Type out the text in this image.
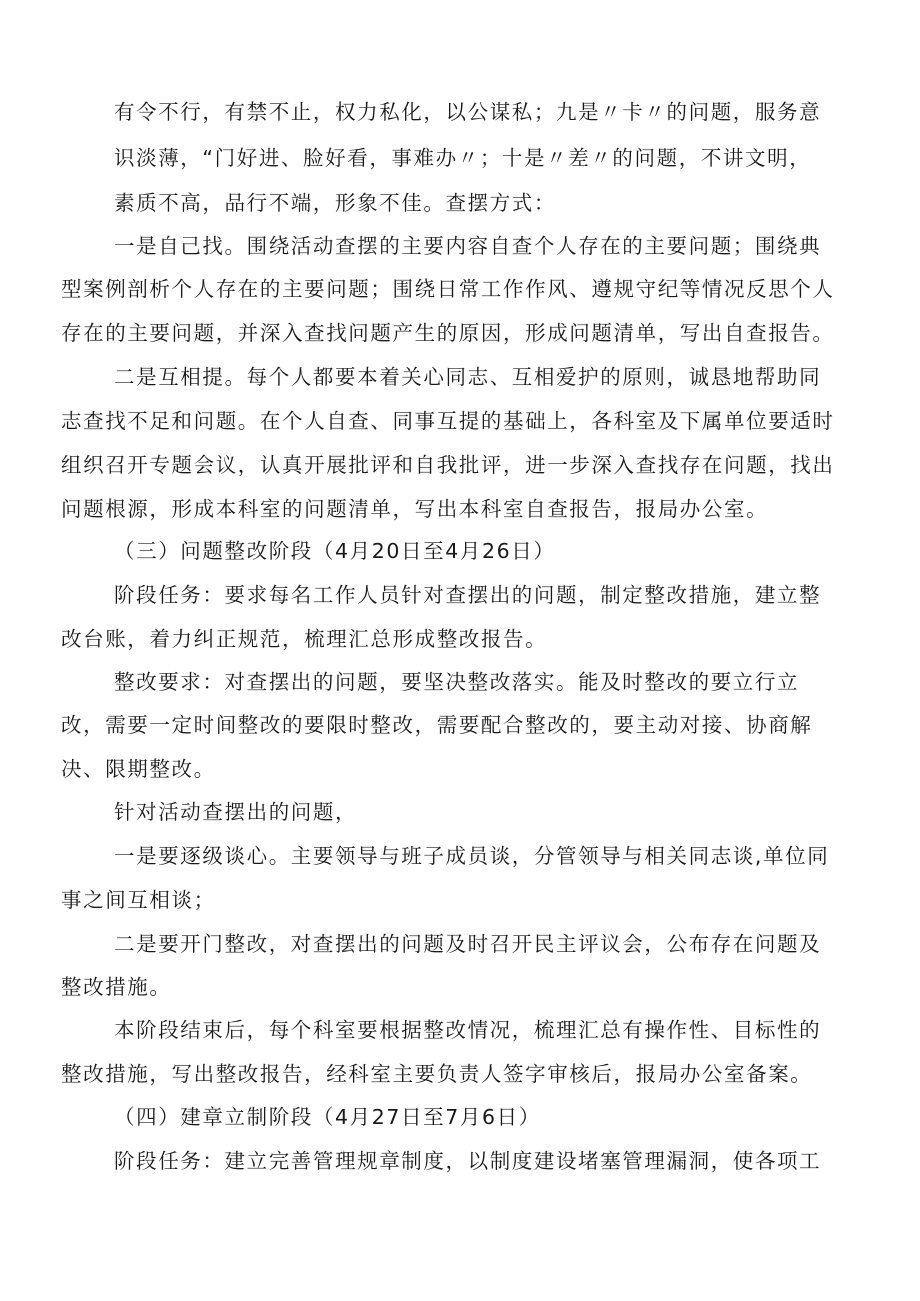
有令不行，有禁不止，权力私化，以公谋私；九是〃卡〃的问题，服务意

识淡薄，“门好进、脸好看，事难办〃；十是〃差〃的问题，不讲文明，

素质不高，品行不端，形象不佳。查摆方式：

一是自己找。围绕活动查摆的主要内容自查个人存在的主要问题；围绕典

型案例剖析个人存在的主要问题；围绕日常工作作风、遵规守纪等情况反思个人

存在的主要问题，并深入查找问题产生的原因，形成问题清单，写出自查报告。

二是互相提。每个人都要本着关心同志、互相爱护的原则，诚恳地帮助同

志查找不足和问题。在个人自查、同事互提的基础上，各科室及下属单位要适时

组织召开专题会议，认真开展批评和自我批评，进一步深入查找存在问题，找出

问题根源，形成本科室的问题清单，写出本科室自查报告，报局办公室。

（三）问题整改阶段（4月20日至4月26日）

阶段任务：要求每名工作人员针对查摆出的问题，制定整改措施，建立整

改台账，着力纠正规范，梳理汇总形成整改报告。

整改要求：对查摆出的问题，要坚决整改落实。能及时整改的要立行立

改，需要一定时间整改的要限时整改，需要配合整改的，要主动对接、协商解

决、限期整改。

针对活动查摆出的问题，

一是要逐级谈心。主要领导与班子成员谈，分管领导与相关同志谈,单位同

事之间互相谈；

二是要开门整改，对查摆出的问题及时召开民主评议会，公布存在问题及

整改措施。

本阶段结束后，每个科室要根据整改情况，梳理汇总有操作性、目标性的

整改措施，写出整改报告，经科室主要负责人签字审核后，报局办公室备案。

（四）建章立制阶段（4月27日至7月6日）

阶段任务：建立完善管理规章制度，以制度建设堵塞管理漏洞，使各项工
